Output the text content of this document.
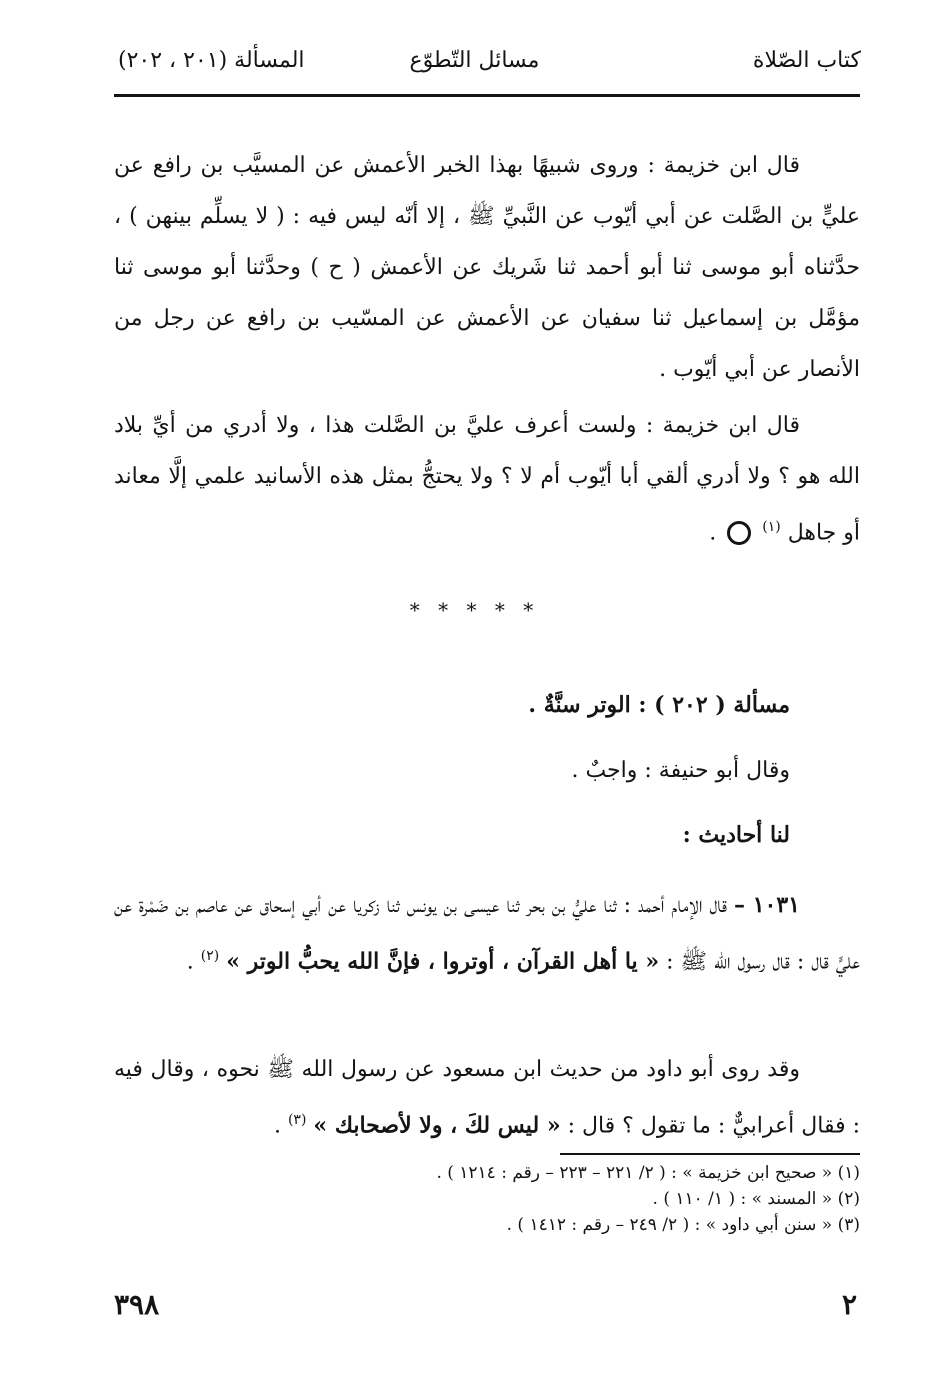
كتاب الصّلاة
مسائل التّطوّع
المسألة (٢٠١ ، ٢٠٢)

قال ابن خزيمة : وروى شبيهًا بهذا الخبر الأعمش عن المسيَّب بن رافع عن عليٍّ بن الصَّلت عن أبي أيّوب عن النَّبيِّ ﷺ ، إلا أنّه ليس فيه : ( لا يسلِّم بينهن ) ، حدَّثناه أبو موسى ثنا أبو أحمد ثنا شَريك عن الأعمش ( ح ) وحدَّثنا أبو موسى ثنا مؤمَّل بن إسماعيل ثنا سفيان عن الأعمش عن المسّيب بن رافع عن رجل من الأنصار عن أبي أيّوب .

قال ابن خزيمة : ولست أعرف عليَّ بن الصَّلت هذا ، ولا أدري من أيِّ بلاد الله هو ؟ ولا أدري ألقي أبا أيّوب أم لا ؟ ولا يحتجُّ بمثل هذه الأسانيد علمي إلَّا معاند أو جاهل $^{(١)}$  .

* * * * *

مسألة ( ٢٠٢ ) : الوتر سنَّةٌ .

وقال أبو حنيفة : واجبٌ .

لنا أحاديث :

١٠٣١ – قال الإمام أحمد : ثنا عليُّ بن بحر ثنا عيسى بن يونس ثنا زكريا عن أبي إسحاق عن عاصم بن ضَمْرة عن عليٍّ قال : قال رسول الله ﷺ : « يا أهل القرآن ، أوتروا ، فإنَّ الله يحبُّ الوتر » $^{(٢)}$ .

وقد روى أبو داود من حديث ابن مسعود عن رسول الله ﷺ نحوه ، وقال فيه : فقال أعرابيٌّ : ما تقول ؟ قال : « ليس لكَ ، ولا لأصحابك » $^{(٣)}$ .

(١) « صحيح ابن خزيمة » : ( ٢/ ٢٢١ – ٢٢٣ – رقم : ١٢١٤ ) .
(٢) « المسند » : ( ١/ ١١٠ ) .
(٣) « سنن أبي داود » : ( ٢/ ٢٤٩ – رقم : ١٤١٢ ) .
٣٩٨	٢
